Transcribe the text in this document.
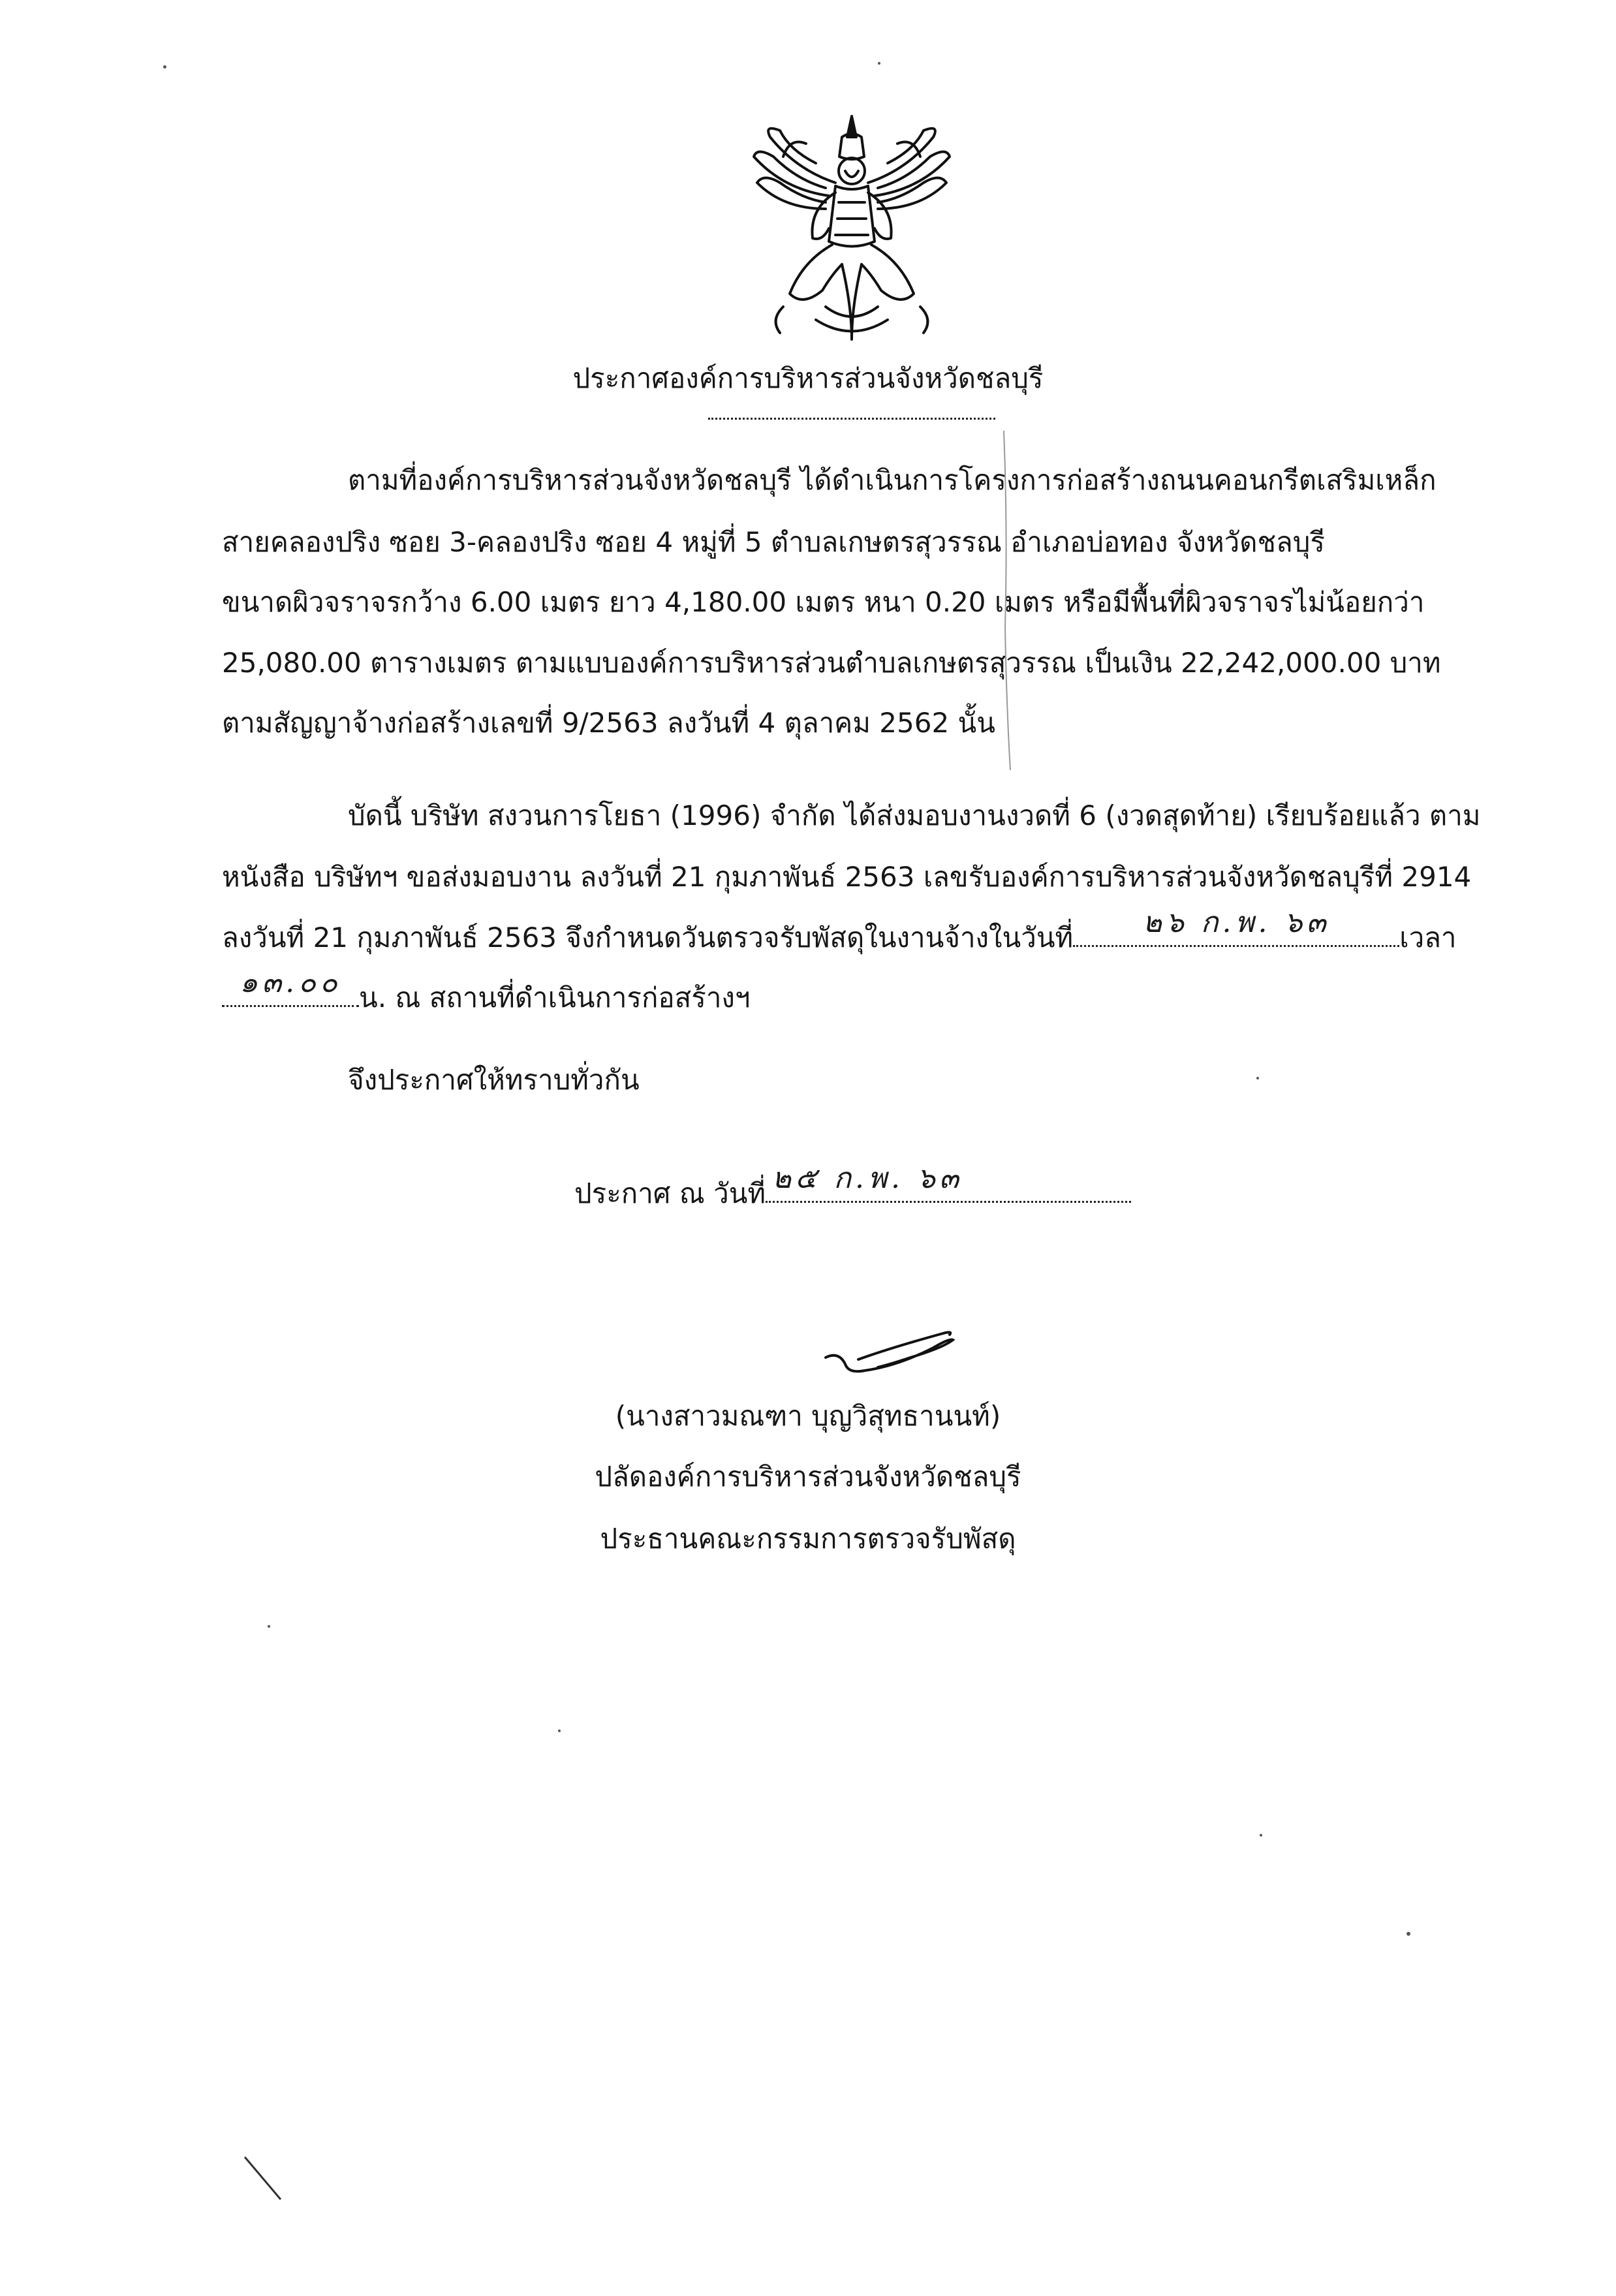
ประกาศองค์การบริหารส่วนจังหวัดชลบุรี
ตามที่องค์การบริหารส่วนจังหวัดชลบุรี ได้ดำเนินการโครงการก่อสร้างถนนคอนกรีตเสริมเหล็ก
สายคลองปริง ซอย 3-คลองปริง ซอย 4 หมู่ที่ 5 ตำบลเกษตรสุวรรณ อำเภอบ่อทอง จังหวัดชลบุรี
ขนาดผิวจราจรกว้าง 6.00 เมตร ยาว 4,180.00 เมตร หนา 0.20 เมตร หรือมีพื้นที่ผิวจราจรไม่น้อยกว่า
25,080.00 ตารางเมตร ตามแบบองค์การบริหารส่วนตำบลเกษตรสุวรรณ เป็นเงิน 22,242,000.00 บาท
ตามสัญญาจ้างก่อสร้างเลขที่ 9/2563 ลงวันที่ 4 ตุลาคม 2562 นั้น
บัดนี้ บริษัท สงวนการโยธา (1996) จำกัด ได้ส่งมอบงานงวดที่ 6 (งวดสุดท้าย) เรียบร้อยแล้ว ตาม
หนังสือ บริษัทฯ ขอส่งมอบงาน ลงวันที่ 21 กุมภาพันธ์ 2563 เลขรับองค์การบริหารส่วนจังหวัดชลบุรีที่ 2914
ลงวันที่ 21 กุมภาพันธ์ 2563 จึงกำหนดวันตรวจรับพัสดุในงานจ้างในวันที่	๒๖ ก.พ. ๖๓	เวลา
๑๓.๐๐ น. ณ สถานที่ดำเนินการก่อสร้างฯ
จึงประกาศให้ทราบทั่วกัน
ประกาศ ณ วันที่ ๒๕ ก.พ. ๖๓
(นางสาวมณฑา บุญวิสุทธานนท์)
ปลัดองค์การบริหารส่วนจังหวัดชลบุรี
ประธานคณะกรรมการตรวจรับพัสดุ
